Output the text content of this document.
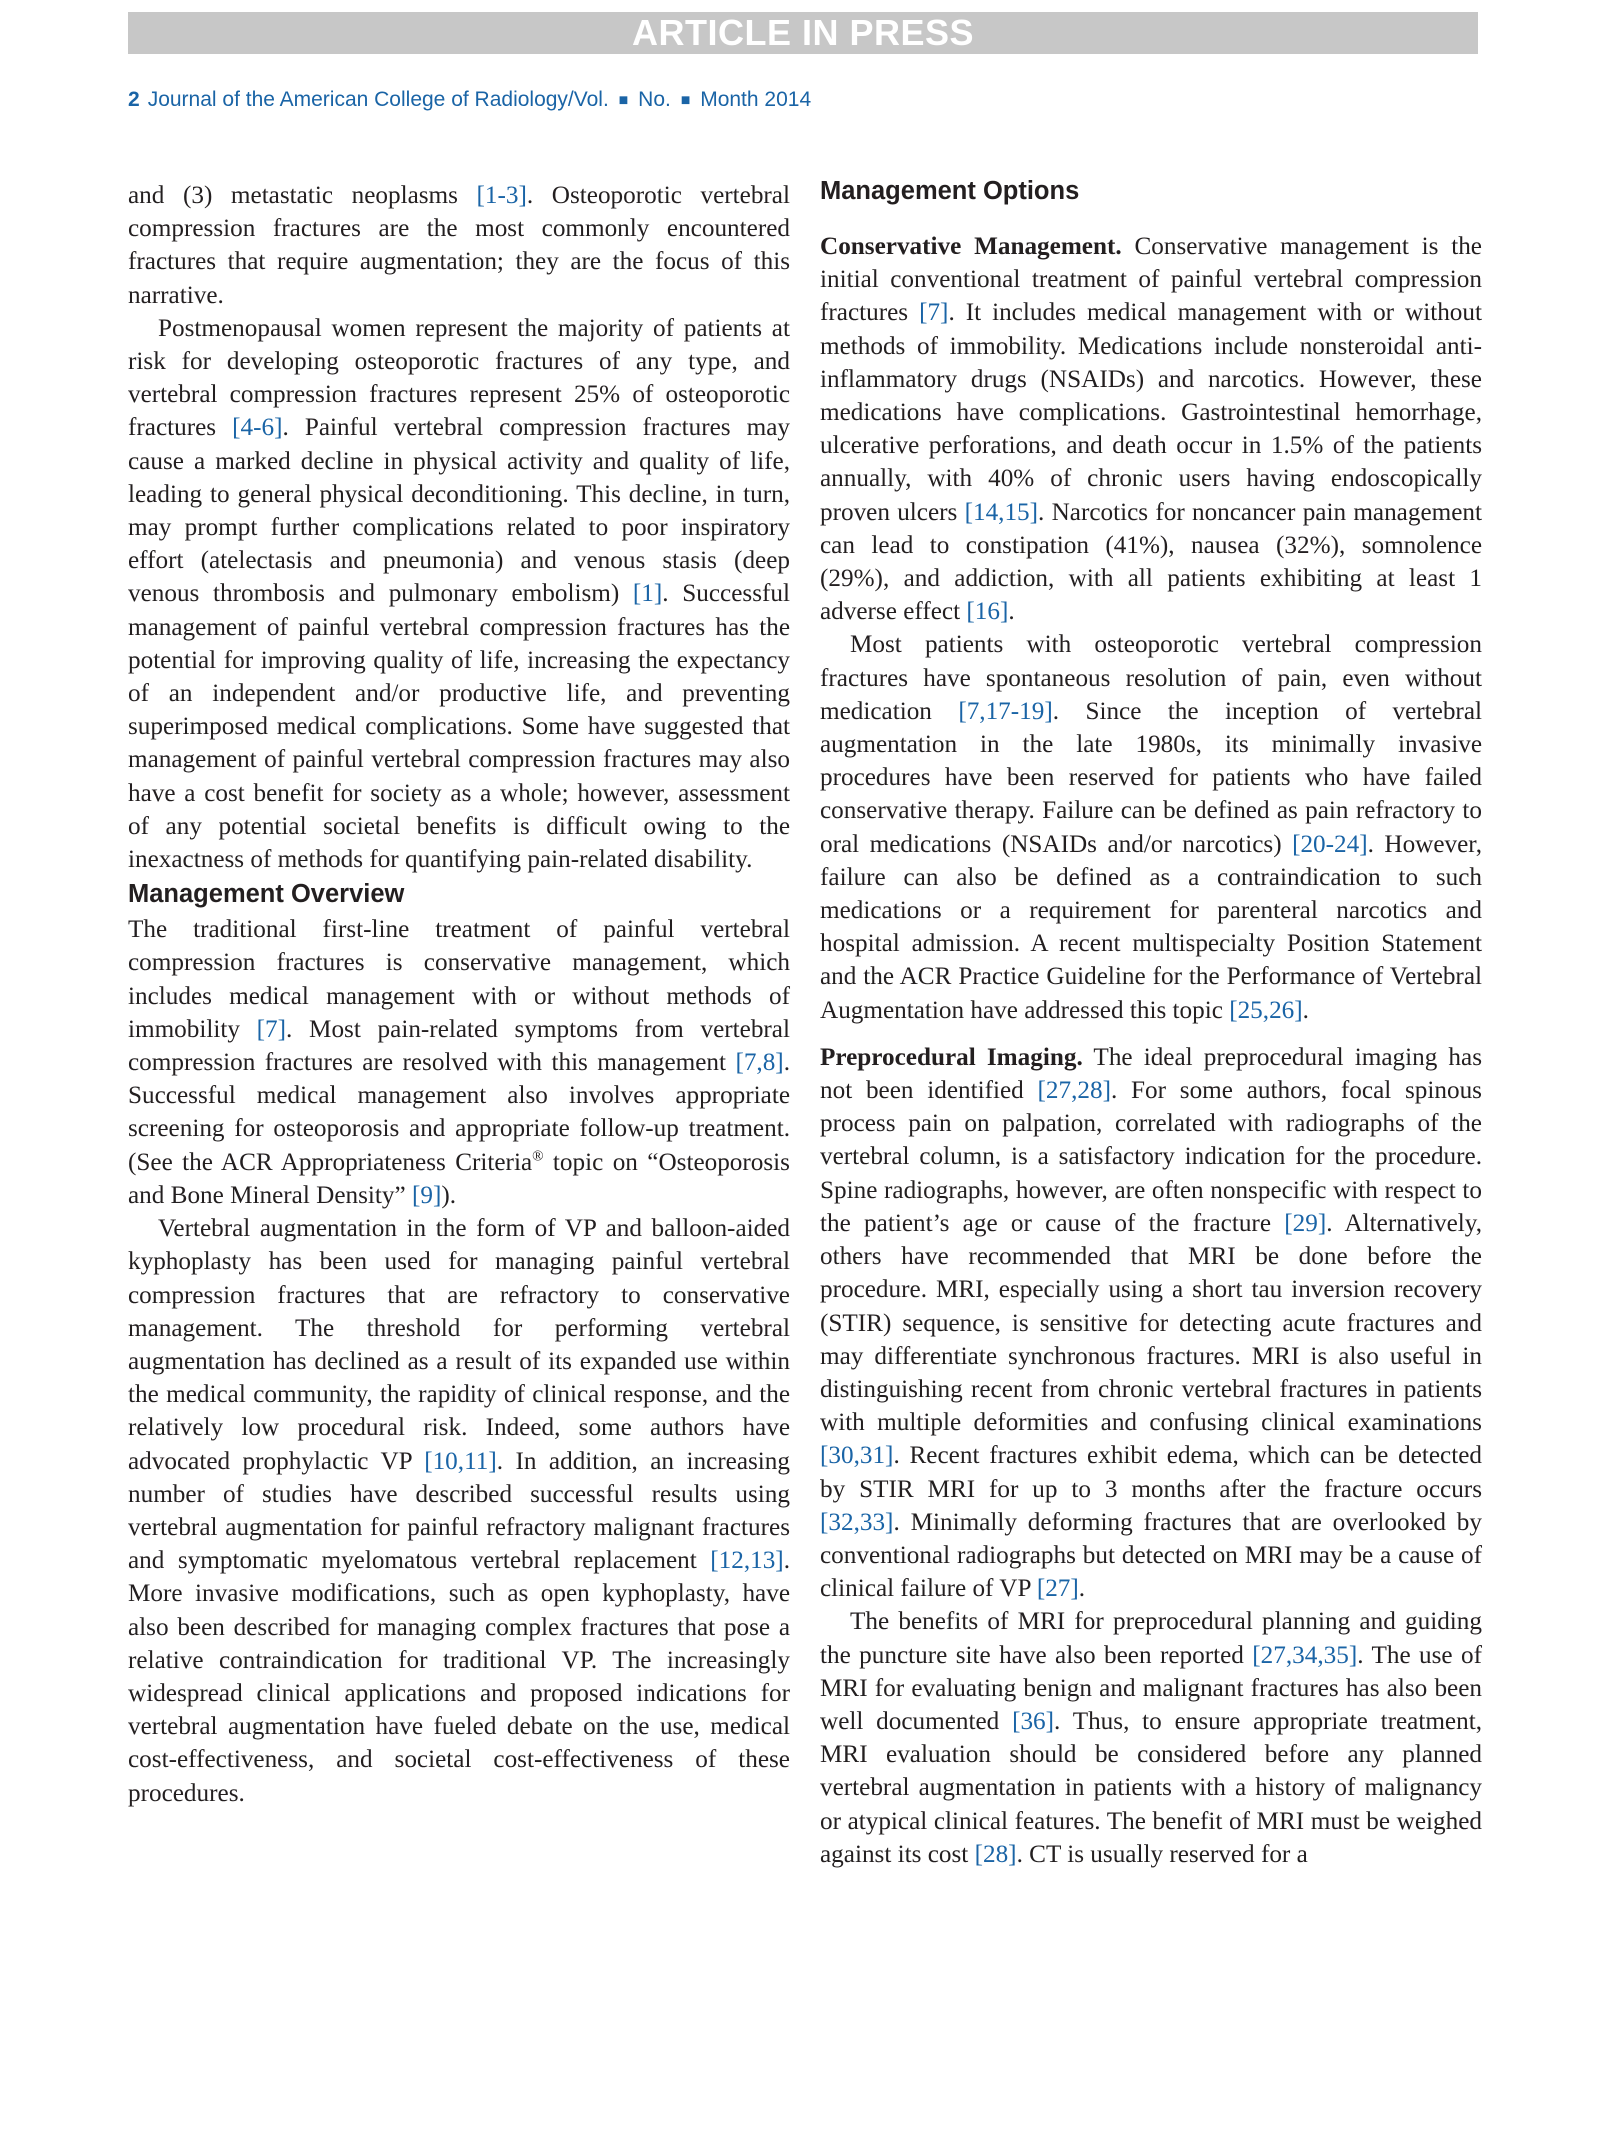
ARTICLE IN PRESS
2 Journal of the American College of Radiology/Vol. ■ No. ■ Month 2014

and (3) metastatic neoplasms [1-3]. Osteoporotic vertebral compression fractures are the most commonly encountered fractures that require augmentation; they are the focus of this narrative.

Postmenopausal women represent the majority of patients at risk for developing osteoporotic fractures of any type, and vertebral compression fractures represent 25% of osteoporotic fractures [4-6]. Painful vertebral compression fractures may cause a marked decline in physical activity and quality of life, leading to general physical deconditioning. This decline, in turn, may prompt further complications related to poor inspiratory effort (atelectasis and pneumonia) and venous stasis (deep venous thrombosis and pulmonary embolism) [1]. Successful management of painful vertebral compression fractures has the potential for improving quality of life, increasing the expectancy of an independent and/or productive life, and preventing superimposed medical complications. Some have suggested that management of painful vertebral compression fractures may also have a cost benefit for society as a whole; however, assessment of any potential societal benefits is difficult owing to the inexactness of methods for quantifying pain-related disability.

Management Overview

The traditional first-line treatment of painful vertebral compression fractures is conservative management, which includes medical management with or without methods of immobility [7]. Most pain-related symptoms from vertebral compression fractures are resolved with this management [7,8]. Successful medical management also involves appropriate screening for osteoporosis and appropriate follow-up treatment. (See the ACR Appropriateness Criteria® topic on “Osteoporosis and Bone Mineral Density” [9]).

Vertebral augmentation in the form of VP and balloon-aided kyphoplasty has been used for managing painful vertebral compression fractures that are refractory to conservative management. The threshold for performing vertebral augmentation has declined as a result of its expanded use within the medical community, the rapidity of clinical response, and the relatively low procedural risk. Indeed, some authors have advocated prophylactic VP [10,11]. In addition, an increasing number of studies have described successful results using vertebral augmentation for painful refractory malignant fractures and symptomatic myelomatous vertebral replacement [12,13]. More invasive modifications, such as open kyphoplasty, have also been described for managing complex fractures that pose a relative contraindication for traditional VP. The increasingly widespread clinical applications and proposed indications for vertebral augmentation have fueled debate on the use, medical cost-effectiveness, and societal cost-effectiveness of these procedures.

Management Options

Conservative Management. Conservative management is the initial conventional treatment of painful vertebral compression fractures [7]. It includes medical management with or without methods of immobility. Medications include nonsteroidal anti-inflammatory drugs (NSAIDs) and narcotics. However, these medications have complications. Gastrointestinal hemorrhage, ulcerative perforations, and death occur in 1.5% of the patients annually, with 40% of chronic users having endoscopically proven ulcers [14,15]. Narcotics for noncancer pain management can lead to constipation (41%), nausea (32%), somnolence (29%), and addiction, with all patients exhibiting at least 1 adverse effect [16].

Most patients with osteoporotic vertebral compression fractures have spontaneous resolution of pain, even without medication [7,17-19]. Since the inception of vertebral augmentation in the late 1980s, its minimally invasive procedures have been reserved for patients who have failed conservative therapy. Failure can be defined as pain refractory to oral medications (NSAIDs and/or narcotics) [20-24]. However, failure can also be defined as a contraindication to such medications or a requirement for parenteral narcotics and hospital admission. A recent multispecialty Position Statement and the ACR Practice Guideline for the Performance of Vertebral Augmentation have addressed this topic [25,26].

Preprocedural Imaging. The ideal preprocedural imaging has not been identified [27,28]. For some authors, focal spinous process pain on palpation, correlated with radiographs of the vertebral column, is a satisfactory indication for the procedure. Spine radiographs, however, are often nonspecific with respect to the patient’s age or cause of the fracture [29]. Alternatively, others have recommended that MRI be done before the procedure. MRI, especially using a short tau inversion recovery (STIR) sequence, is sensitive for detecting acute fractures and may differentiate synchronous fractures. MRI is also useful in distinguishing recent from chronic vertebral fractures in patients with multiple deformities and confusing clinical examinations [30,31]. Recent fractures exhibit edema, which can be detected by STIR MRI for up to 3 months after the fracture occurs [32,33]. Minimally deforming fractures that are overlooked by conventional radiographs but detected on MRI may be a cause of clinical failure of VP [27].

The benefits of MRI for preprocedural planning and guiding the puncture site have also been reported [27,34,35]. The use of MRI for evaluating benign and malignant fractures has also been well documented [36]. Thus, to ensure appropriate treatment, MRI evaluation should be considered before any planned vertebral augmentation in patients with a history of malignancy or atypical clinical features. The benefit of MRI must be weighed against its cost [28]. CT is usually reserved for a
